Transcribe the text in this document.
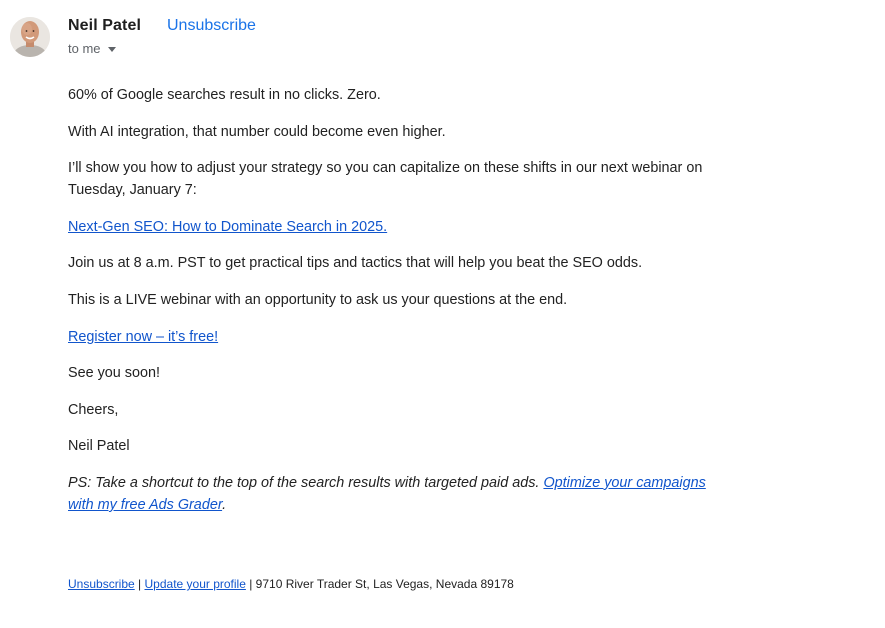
Neil Patel Unsubscribe
to me

60% of Google searches result in no clicks. Zero.

With AI integration, that number could become even higher.

I’ll show you how to adjust your strategy so you can capitalize on these shifts in our next webinar on Tuesday, January 7:

Next-Gen SEO: How to Dominate Search in 2025.

Join us at 8 a.m. PST to get practical tips and tactics that will help you beat the SEO odds.

This is a LIVE webinar with an opportunity to ask us your questions at the end.

Register now – it’s free!

See you soon!

Cheers,

Neil Patel

PS: Take a shortcut to the top of the search results with targeted paid ads. Optimize your campaigns with my free Ads Grader.

Unsubscribe | Update your profile | 9710 River Trader St, Las Vegas, Nevada 89178
